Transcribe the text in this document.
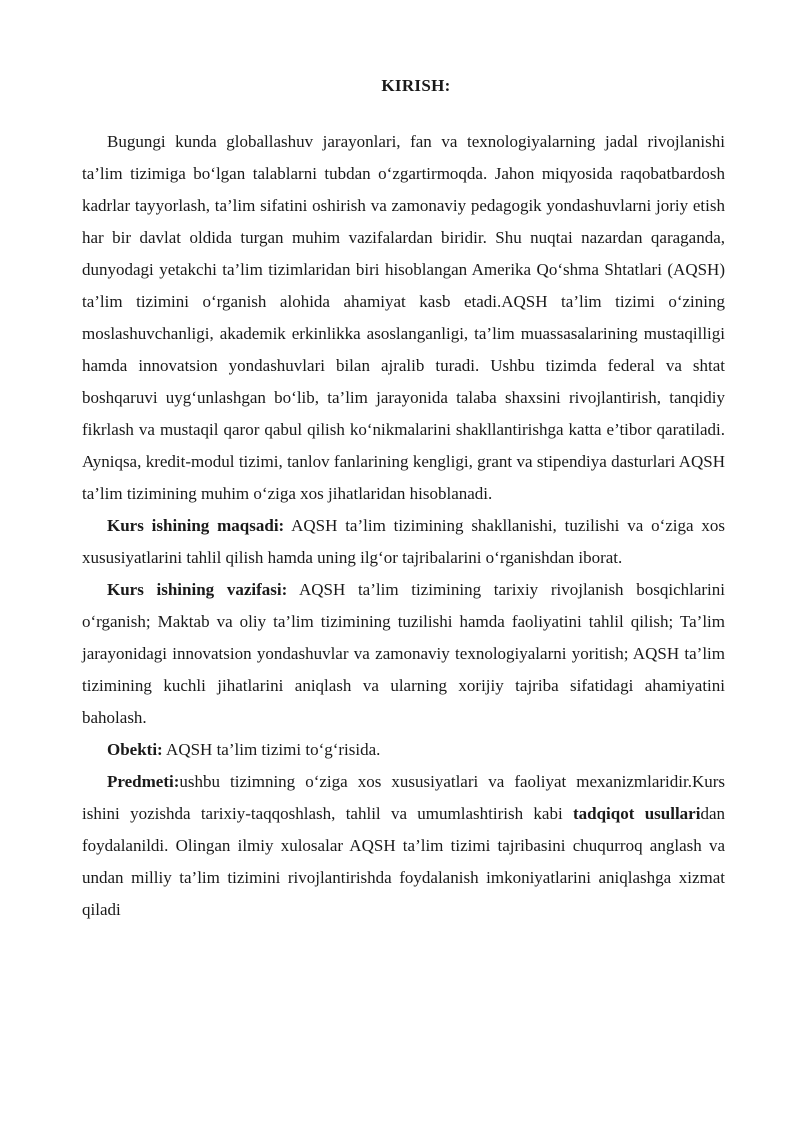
KIRISH:

Bugungi kunda globallashuv jarayonlari, fan va texnologiyalarning jadal rivojlanishi ta’lim tizimiga bo‘lgan talablarni tubdan o‘zgartirmoqda. Jahon miqyosida raqobatbardosh kadrlar tayyorlash, ta’lim sifatini oshirish va zamonaviy pedagogik yondashuvlarni joriy etish har bir davlat oldida turgan muhim vazifalardan biridir. Shu nuqtai nazardan qaraganda, dunyodagi yetakchi ta’lim tizimlaridan biri hisoblangan Amerika Qo‘shma Shtatlari (AQSH) ta’lim tizimini o‘rganish alohida ahamiyat kasb etadi.AQSH ta’lim tizimi o‘zining moslashuvchanligi, akademik erkinlikka asoslanganligi, ta’lim muassasalarining mustaqilligi hamda innovatsion yondashuvlari bilan ajralib turadi. Ushbu tizimda federal va shtat boshqaruvi uyg‘unlashgan bo‘lib, ta’lim jarayonida talaba shaxsini rivojlantirish, tanqidiy fikrlash va mustaqil qaror qabul qilish ko‘nikmalarini shakllantirishga katta e’tibor qaratiladi. Ayniqsa, kredit-modul tizimi, tanlov fanlarining kengligi, grant va stipendiya dasturlari AQSH ta’lim tizimining muhim o‘ziga xos jihatlaridan hisoblanadi.

Kurs ishining maqsadi: AQSH ta’lim tizimining shakllanishi, tuzilishi va o‘ziga xos xususiyatlarini tahlil qilish hamda uning ilg‘or tajribalarini o‘rganishdan iborat.

Kurs ishining vazifasi: AQSH ta’lim tizimining tarixiy rivojlanish bosqichlarini o‘rganish; Maktab va oliy ta’lim tizimining tuzilishi hamda faoliyatini tahlil qilish; Ta’lim jarayonidagi innovatsion yondashuvlar va zamonaviy texnologiyalarni yoritish; AQSH ta’lim tizimining kuchli jihatlarini aniqlash va ularning xorijiy tajriba sifatidagi ahamiyatini baholash.

Obekti: AQSH ta’lim tizimi to‘g‘risida.

Predmeti:ushbu tizimning o‘ziga xos xususiyatlari va faoliyat mexanizmlaridir.Kurs ishini yozishda tarixiy-taqqoshlash, tahlil va umumlashtirish kabi tadqiqot usullaridan foydalanildi. Olingan ilmiy xulosalar AQSH ta’lim tizimi tajribasini chuqurroq anglash va undan milliy ta’lim tizimini rivojlantirishda foydalanish imkoniyatlarini aniqlashga xizmat qiladi
